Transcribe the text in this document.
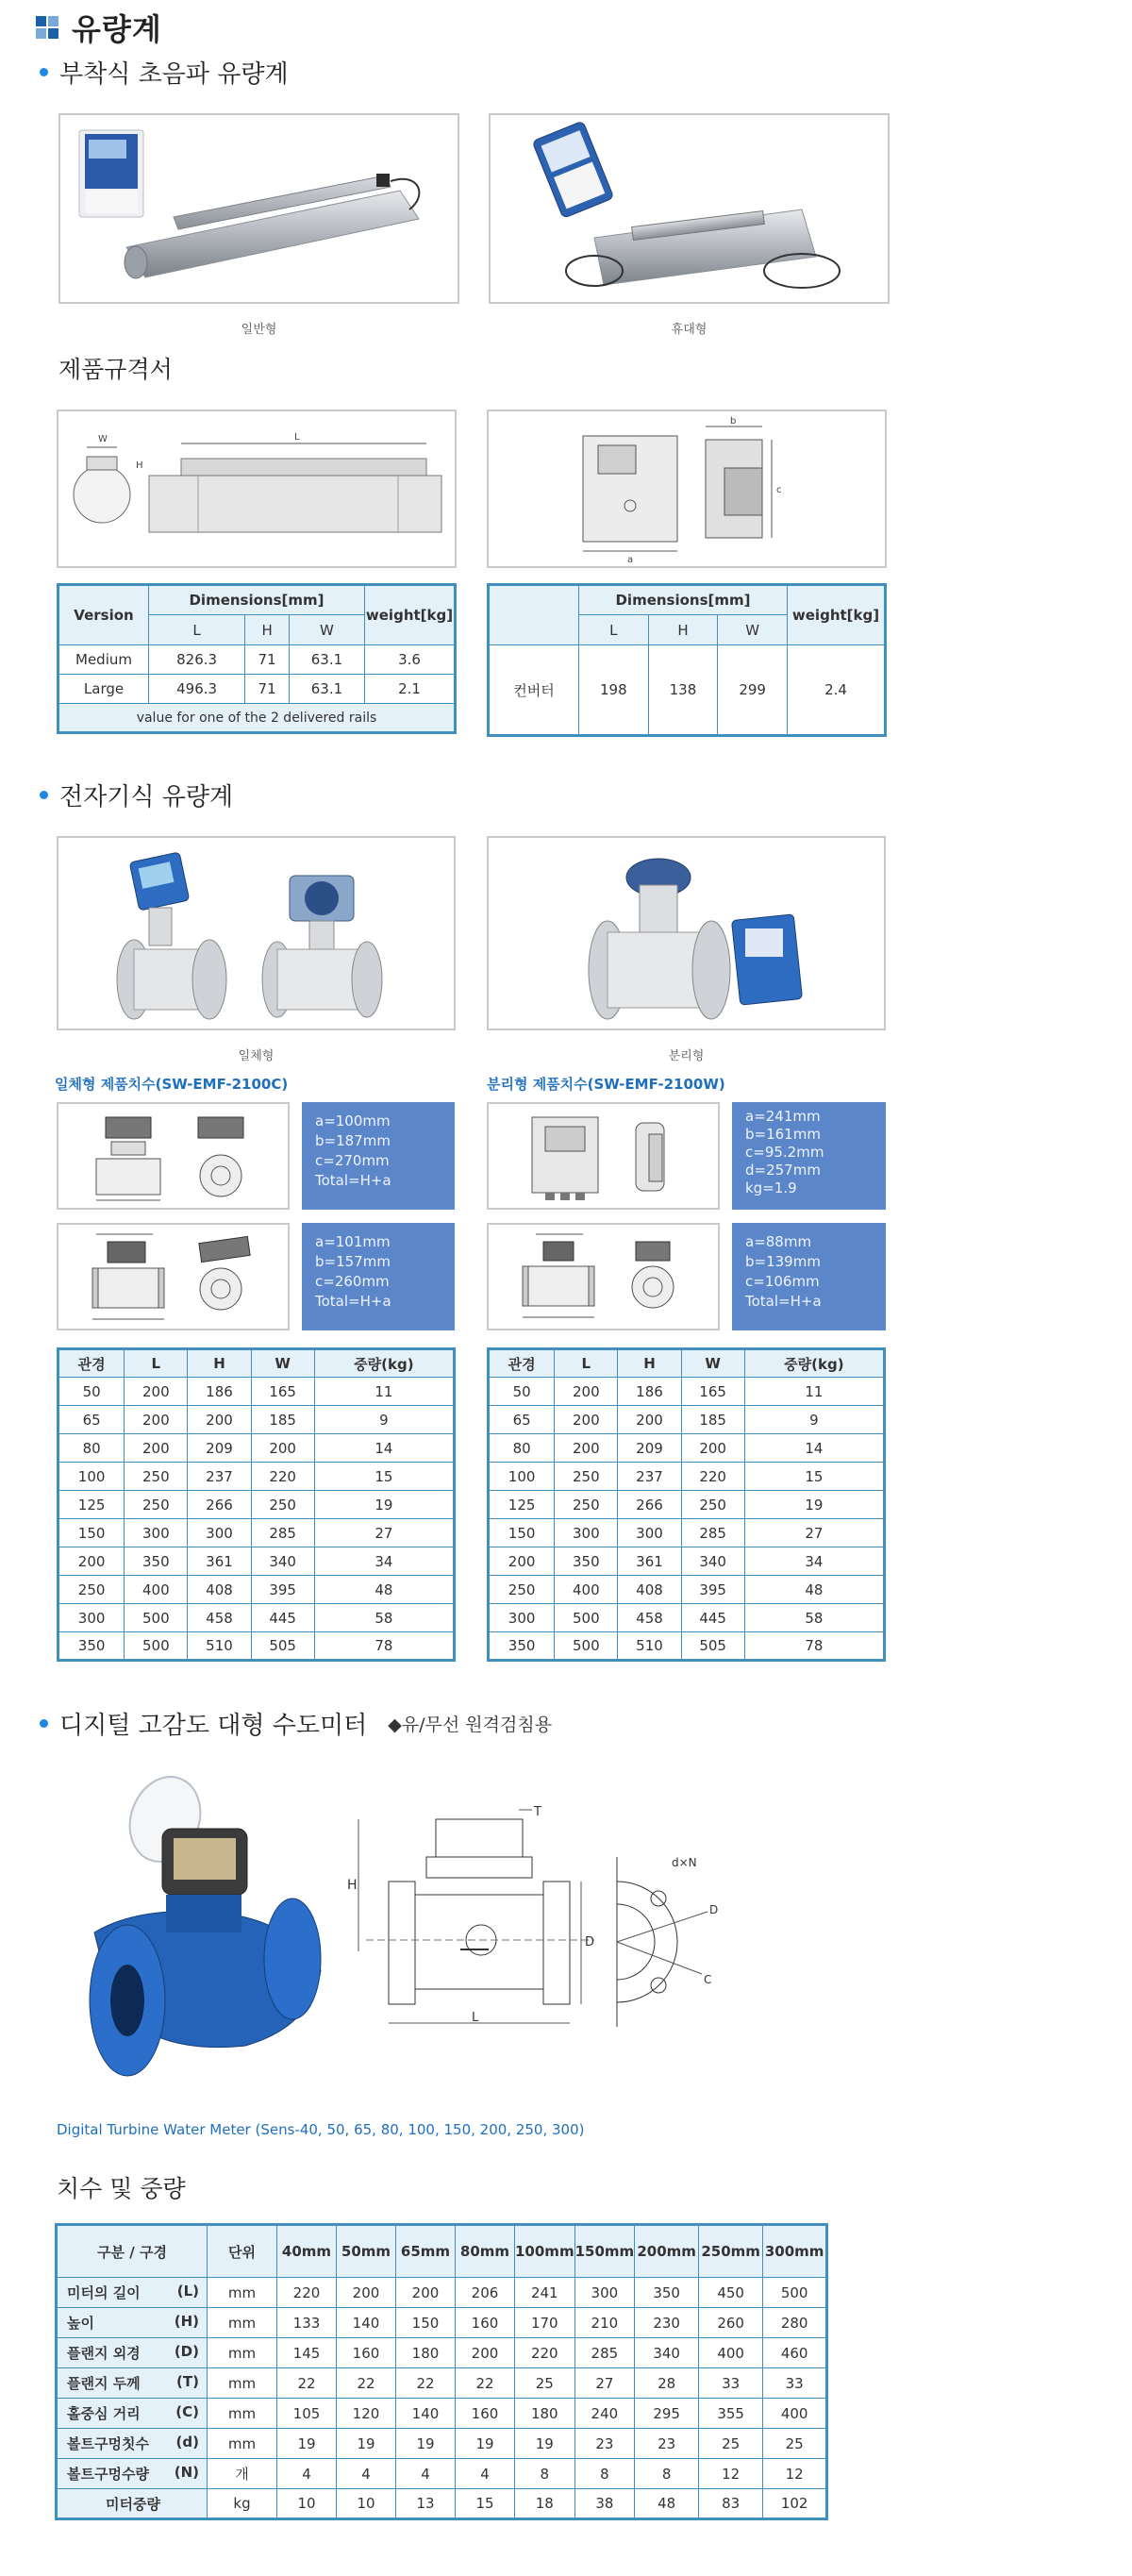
유량계
부착식 초음파 유량계
일반형	휴대형
제품규격서
W
H
L
a
b
c
Version	Dimensions[mm]			weight[kg]
	L	H	W	
Medium	826.3	71	63.1	3.6
Large	496.3	71	63.1	2.1
value for one of the 2 delivered rails				
	Dimensions[mm]			weight[kg]
	L	H	W	
컨버터	198	138	299	2.4
전자기식 유량계
일체형	분리형
일체형 제품치수(SW-EMF-2100C)	분리형 제품치수(SW-EMF-2100W)
a=100mm
b=187mm
c=270mm
Total=H+a
a=241mm
b=161mm
c=95.2mm
d=257mm
kg=1.9
a=101mm
b=157mm
c=260mm
Total=H+a
a=88mm
b=139mm
c=106mm
Total=H+a
관경	L	H	W	중량(kg)
50	200	186	165	11
65	200	200	185	9
80	200	209	200	14
100	250	237	220	15
125	250	266	250	19
150	300	300	285	27
200	350	361	340	34
250	400	408	395	48
300	500	458	445	58
350	500	510	505	78
관경	L	H	W	중량(kg)
50	200	186	165	11
65	200	200	185	9
80	200	209	200	14
100	250	237	220	15
125	250	266	250	19
150	300	300	285	27
200	350	361	340	34
250	400	408	395	48
300	500	458	445	58
350	500	510	505	78
디지털 고감도 대형 수도미터 ◆유/무선 원격검침용
H
T
D
L
d×N
D
C
Digital Turbine Water Meter (Sens-40, 50, 65, 80, 100, 150, 200, 250, 300)
치수 및 중량
구분 / 구경	단위	40mm	50mm	65mm	80mm	100mm	150mm	200mm	250mm	300mm
미터의 길이 (L)	mm	220	200	200	206	241	300	350	450	500
높이 (H)	mm	133	140	150	160	170	210	230	260	280
플랜지 외경 (D)	mm	145	160	180	200	220	285	340	400	460
플랜지 두께 (T)	mm	22	22	22	22	25	27	28	33	33
홀중심 거리 (C)	mm	105	120	140	160	180	240	295	355	400
볼트구멍칫수 (d)	mm	19	19	19	19	19	23	23	25	25
볼트구멍수량 (N)	개	4	4	4	4	8	8	8	12	12
미터중량	kg	10	10	13	15	18	38	48	83	102
